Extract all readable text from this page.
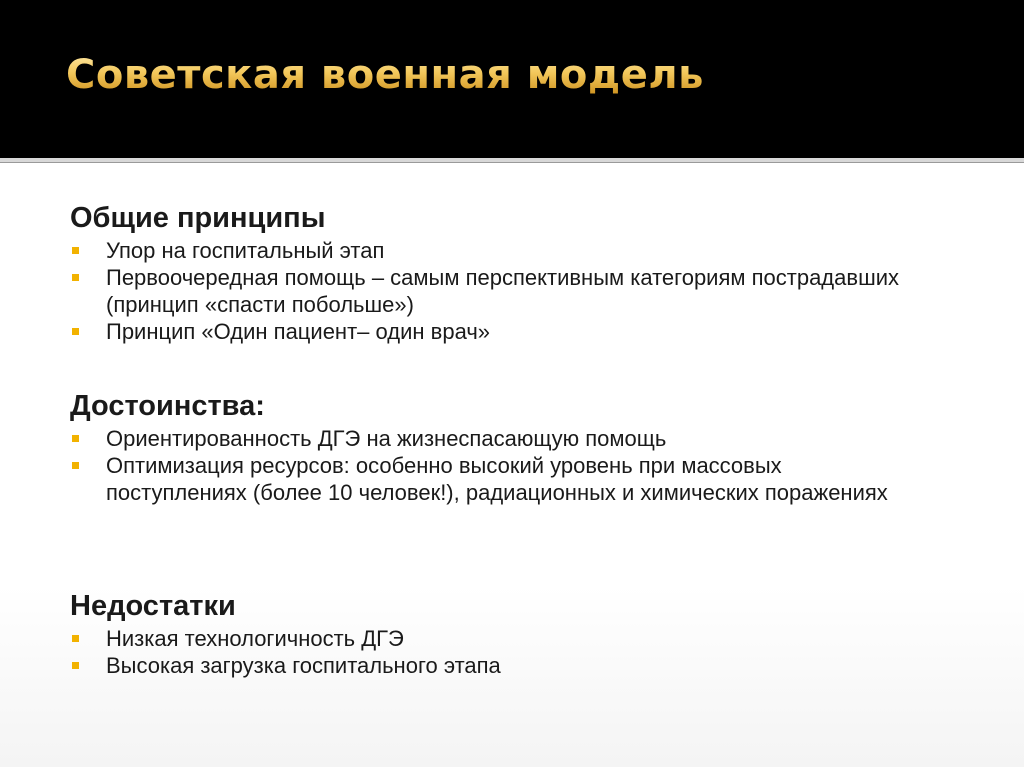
Советская военная модель
Общие принципы
Упор на госпитальный этап
Первоочередная помощь – самым перспективным категориям пострадавших (принцип «спасти побольше»)
Принцип «Один пациент– один врач»
Достоинства:
Ориентированность ДГЭ на жизнеспасающую помощь
Оптимизация ресурсов: особенно высокий уровень при массовых поступлениях (более 10 человек!), радиационных и химических поражениях
Недостатки
Низкая технологичность ДГЭ
Высокая загрузка госпитального этапа
